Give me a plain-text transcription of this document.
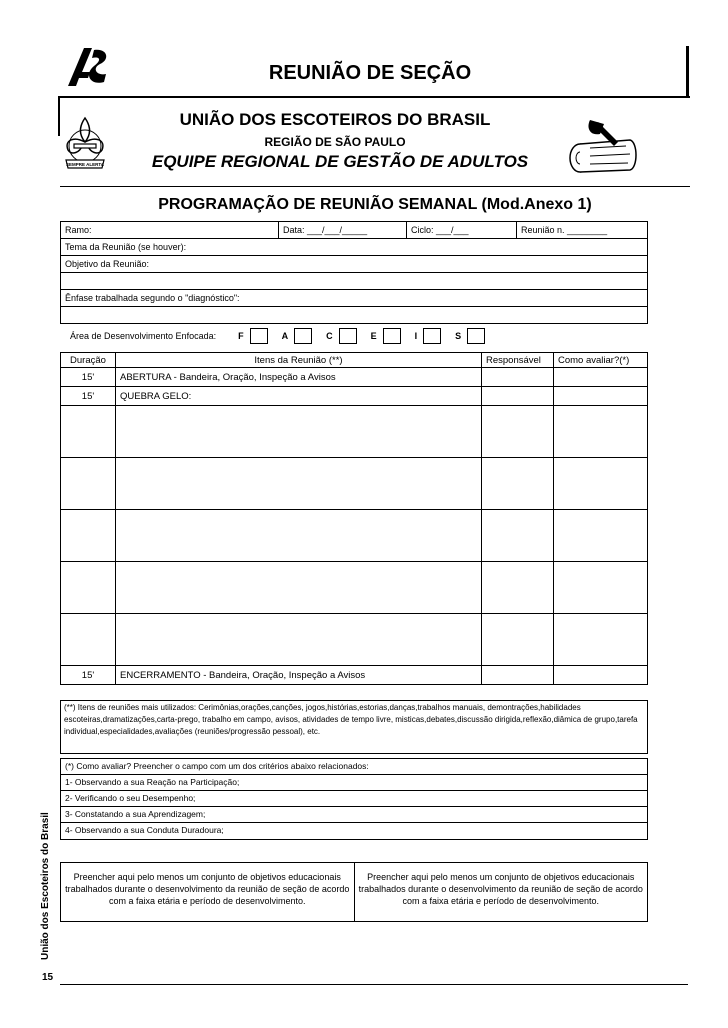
REUNIÃO DE SEÇÃO
SEMPRE ALERTA
UNIÃO DOS ESCOTEIROS DO BRASIL
REGIÃO DE SÃO PAULO
EQUIPE REGIONAL DE GESTÃO DE ADULTOS
PROGRAMAÇÃO DE REUNIÃO SEMANAL (Mod.Anexo 1)
Ramo:	Data: ___/___/_____	Ciclo: ___/___	Reunião n. ________
Tema da Reunião (se houver):
Objetivo da Reunião:

Ênfase trabalhada segundo o "diagnóstico":

Área de Desenvolvimento Enfocada: F	A	C	E	I	S
Duração	Itens da Reunião (**)	Responsável	Como avaliar?(*)
15'	ABERTURA - Bandeira, Oração, Inspeção a Avisos		
15'	QUEBRA GELO:		

15'	ENCERRAMENTO - Bandeira, Oração, Inspeção a Avisos		
(**) Itens de reuniões mais utilizados: Cerimônias,orações,canções, jogos,histórias,estorias,danças,trabalhos manuais, demontrações,habilidades escoteiras,dramatizações,carta-prego, trabalho em campo, avisos, atividades de tempo livre, misticas,debates,discussão dirigida,reflexão,diâmica de grupo,tarefa individual,especialidades,avaliações (reuniões/progressão pessoal), etc.
(*) Como avaliar? Preencher o campo com um dos critérios abaixo relacionados:
1- Observando a sua Reação na Participação;
2- Verificando o seu Desempenho;
3- Constatando a sua Aprendizagem;
4- Observando a sua Conduta Duradoura;
Preencher aqui pelo menos um conjunto de objetivos educacionais trabalhados durante o desenvolvimento da reunião de seção de acordo com a faixa etária e período de desenvolvimento.
Preencher aqui pelo menos um conjunto de objetivos educacionais trabalhados durante o desenvolvimento da reunião de seção de acordo com a faixa etária e período de desenvolvimento.
União dos Escoteiros do Brasil
15
